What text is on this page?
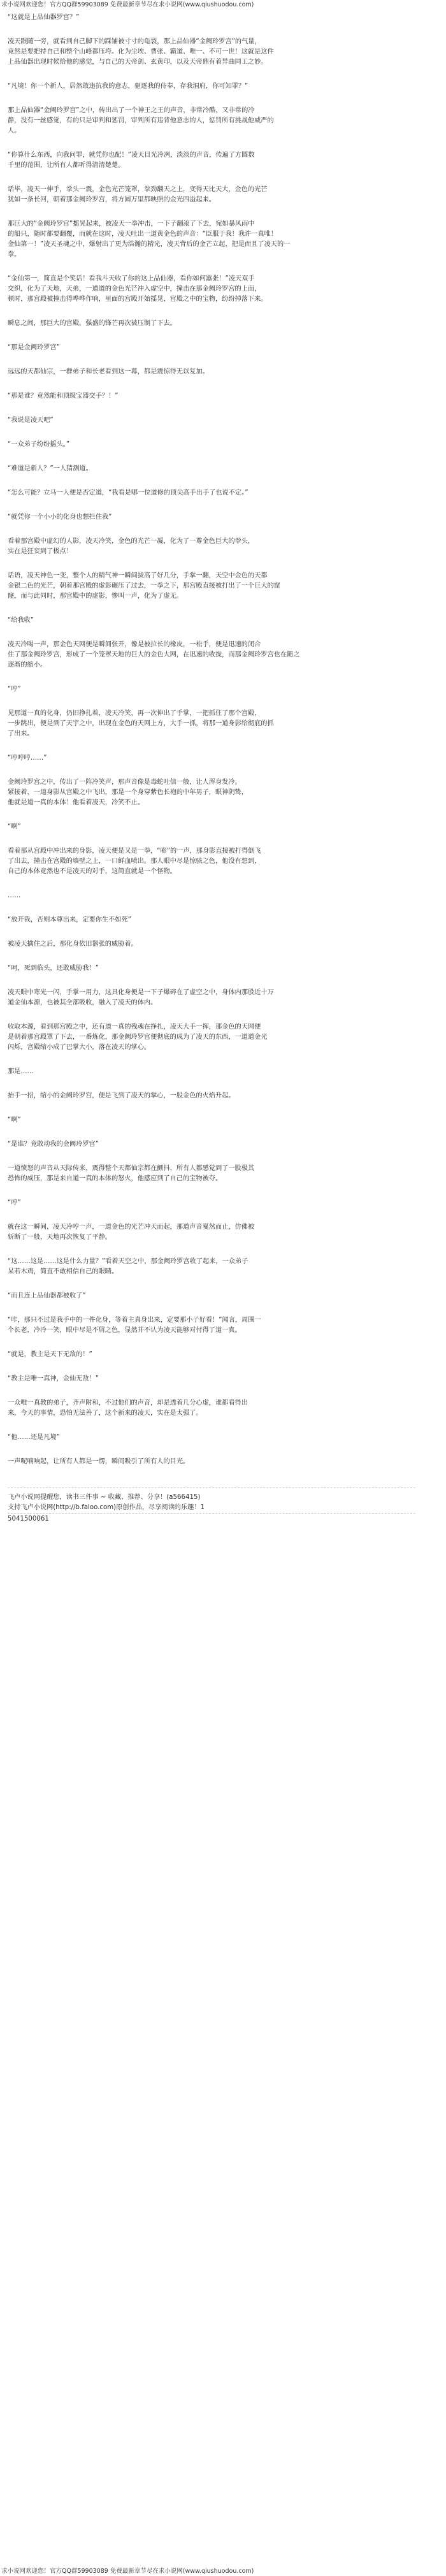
求小说网欢迎您！官方QQ群59903089 免费最新章节尽在求小说网(www.qiushuodou.com)
“这就是上品仙器罗宫？”
凌天跟随一旁，就看到自己脚下的踩铺被寸寸的龟裂，那上品仙器“金阙玲罗宫”的气量，
竟然是要把持自己和整个山峰都压垮。化为尘埃、曹张、霸道、唯一、不可一世！这就是这件
上品仙器出现时候给他的感觉，与自己的天帝剑、玄黄印，以及天帝鼎有着异曲同工之妙。
“凡境！你一个新人，居然敢违抗我的意志，驱逐我的侍奉，存我洞府，你可知罪？”
那上品仙器“金阙玲罗宫”之中，传出出了一个神王之王的声音，非常冷酷，又非常的冷
静，没有一丝感觉，有的只是审判和惩罚，审判所有违背他意志的人，惩罚所有挑战他威严的
人。
“你算什么东西，向我问罪，就凭你也配！”凌天目光冷冽，淡淡的声音，传遍了方圆数
千里的范围，让所有人都听得清清楚楚。
话毕，凌天一伸手，拳头一震，金色光芒笼罩，拳劲翻天之上，变得天比天大，金色的光芒
犹如一条长河，朝着那金阙玲罗宫，将方圆万里都映照的金光四溢起来。
那巨大的“金阙玲罗宫”摇晃起来，被凌天一拳冲击，一下子翻滚了下去，宛如暴风雨中
的船只，随时都要翻覆，而就在这时，凌天吐出一道黄金色的声音：“臣服于我！我许一真唯！
金仙第一！”凌天圣魂之中，爆射出了更为浩瀚的精光，凌天背后的金芒立起，把是而且了凌天的一
拳。
“金仙第一，简直是个笑话！看我斗天收了你的这上品仙器，看你如何嚣张！”凌天双手
交织，化为了天地，天弟，一道道的金色光芒冲入虚空中，撞击在那金阙玲罗宫的上面，
顿时，那宫殿被撞击得哗哗作响，里面的宫殿开始摇晃，宫殿之中的宝物，纷纷掉落下来。
瞬息之间，那巨大的宫殿，强盛的锋芒再次被压制了下去。
“那是金阙玲罗宫”
远远的天都仙宗，一群弟子和长老看到这一幕，都是震惊得无以复加。
“那是谁？竟然能和顶级宝器交手？！”
“我说是凌天吧”
“一众弟子纷纷摇头。”
“难道是新人？”一人猜测道。
“怎么可能？立马一人便是否定道，“我看是哪一位道修的顶尖高手出手了也说不定。”
“就凭你一个小小的化身也想拦住我”
看着那宫殿中虚幻的人影，凌天冷笑，金色的光芒一凝，化为了一尊金色巨大的拳头，
实在是狂妄到了极点！
话语，凌天神色一变，整个人的精气神一瞬间拔高了好几分，手掌一翻，天空中金色的天都
金银二色的光芒，朝着那宫殿的虚影碾压了过去，一拳之下，那宫殿直接被打出了一个巨大的窟
窿，而与此同时，那宫殿中的虚影，惨叫一声，化为了虚无。
“给我收”
凌天冷喝一声，那金色天网便是瞬间张开，像是被拉长的橡皮，一松手，便是迅速的闭合
住了那金阙玲罗宫，形成了一个笼罩天地的巨大的金色大网，在迅速的收拢，而那金阙玲罗宫也在随之
逐渐的缩小。
“哼”
见那道一真的化身，仍旧挣扎着，凌天冷笑，再一次伸出了手掌，一把抓住了那个宫殿，
一步跳出，便是到了天宇之中，出现在金色的天网上方，大手一抓，将那一道身影给彻底的抓
了出来。
“哼哼哼……”
金阙玲罗宫之中，传出了一阵冷笑声，那声音像是毒蛇吐信一般，让人浑身发冷。
紧接着，一道身影从宫殿之中飞出，那是一个身穿紫色长袍的中年男子，眼神阴鸷，
他就是道一真的本体！他看着凌天，冷笑不止。
“啊”
看着那从宫殿中冲出来的身影，凌天便是又是一拳，“嘭”的一声，那身影直接被打得倒飞
了出去，撞击在宫殿的墙壁之上，一口鲜血喷出。那人眼中尽是惊骇之色，他没有想到，
自己的本体竟然也不是凌天的对手，这简直就是一个怪物。
……
“放开我，否则本尊出来，定要你生不如死”
被凌天擒住之后，那化身依旧嚣张的威胁着。
“呵，死到临头，还敢威胁我！”
凌天眼中寒光一闪，手掌一用力，这具化身便是一下子爆碎在了虚空之中，身体内那股近十万
道金仙本源，也被其全部吸收，融入了凌天的体内。
收取本源，看到那宫殿之中，还有道一真的残魂在挣扎，凌天大手一挥，那金色的天网便
是朝着那宫殿罩了下去，一番炼化，那金阙玲罗宫便彻底的成为了凌天的东西，一道道金光
闪烁，宫殿缩小成了巴掌大小，落在凌天的掌心。
那是……
抬手一招，缩小的金阙玲罗宫，便是飞到了凌天的掌心，一股金色的火焰升起。
“啊”
“是谁？竟敢动我的金阙玲罗宫”
一道愤怒的声音从天际传来，震得整个天都仙宗都在颤抖，所有人都感觉到了一股极其
恐怖的威压，那是来自道一真的本体的怒火，他感应到了自己的宝物被夺。
“哼”
就在这一瞬间，凌天冷哼一声，一道金色的光芒冲天而起，那道声音戛然而止，仿佛被
斩断了一般，天地再次恢复了平静。
“这……这是……这是什么力量？”看着天空之中，那金阙玲罗宫收了起来，一众弟子
呆若木鸡，简直不敢相信自己的眼睛。
“而且连上品仙器都被收了”
“咔，那只不过是我手中的一件化身，等着主真身出来，定要那小子好看！”闻言，周围一
个长老，冷冷一笑，眼中尽是不屑之色，显然并不认为凌天能够对付得了道一真。
“就是，教主是天下无敌的！”
“教主是唯一真神，金仙无敌！”
一众唯一真教的弟子，齐声附和，不过他们的声音，却是透着几分心虚，谁都看得出
来，今天的事情，恐怕无法善了，这个新来的凌天，实在是太强了。
“他……还是凡境”
一声呢喃响起，让所有人都是一愣，瞬间吸引了所有人的目光。
飞卢小说网提醒您，读书三件事 ~ 收藏、推荐、分享！(a566415)
支持飞卢小说网(http://b.faloo.com)原创作品，尽享阅读的乐趣！1
5041500061
求小说网欢迎您！官方QQ群59903089 免费最新章节尽在求小说网(www.qiushuodou.com)
